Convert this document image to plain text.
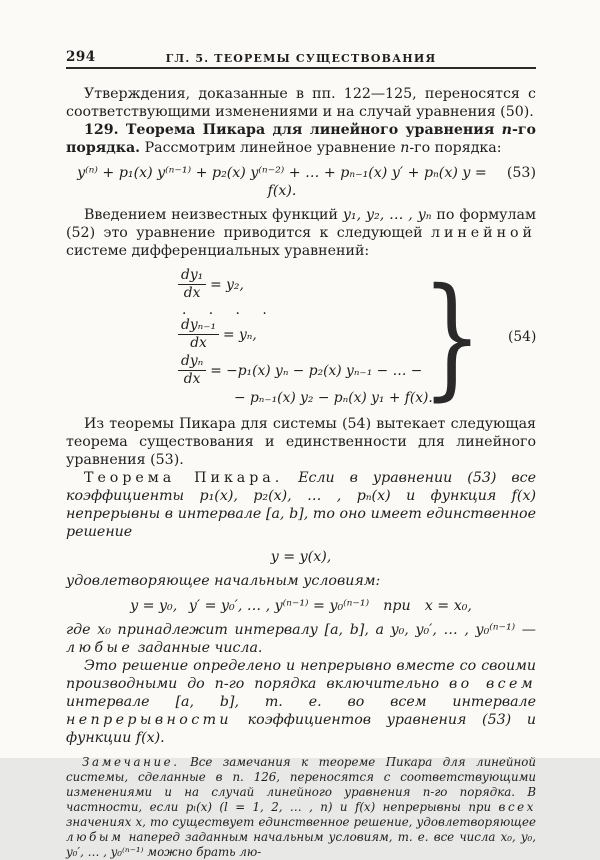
294	ГЛ. 5. ТЕОРЕМЫ СУЩЕСТВОВАНИЯ

Утверждения, доказанные в пп. 122—125, переносятся с соответствующими изменениями и на случай уравнения (50).

129. Теорема Пикара для линейного уравнения n-го порядка. Рассмотрим линейное уравнение n-го порядка:

y⁽ⁿ⁾ + p₁(x) y⁽ⁿ⁻¹⁾ + p₂(x) y⁽ⁿ⁻²⁾ + … + pₙ₋₁(x) y′ + pₙ(x) y = f(x).
(53)

Введением неизвестных функций y₁, y₂, … , yₙ по формулам (52) это уравнение приводится к следующей линейной системе дифференциальных уравнений:

$\frac{\text{dy₁}}{dx} = y_2$,
. . . .
$\frac{\text{dyₙ₋₁}}{dx} = y_n$,
$\frac{\text{dyₙ}}{dx} = -p_1(x) y_n - p_2(x) y_{n-1}$ − … −
− pₙ₋₁(x) y₂ − pₙ(x) y₁ + f(x).
} (54)

Из теоремы Пикара для системы (54) вытекает следующая теорема существования и единственности для линейного уравнения (53).

Теорема Пикара. Если в уравнении (53) все коэффициенты p₁(x), p₂(x), … , pₙ(x) и функция f(x) непрерывны в интервале [a, b], то оно имеет единственное решение

y = y(x),

удовлетворяющее начальным условиям:

y = y₀,  y′ = y₀′, … , y⁽ⁿ⁻¹⁾ = y₀⁽ⁿ⁻¹⁾ при x = x₀,

где x₀ принадлежит интервалу [a, b], а y₀, y₀′, … , y₀⁽ⁿ⁻¹⁾ — любые заданные числа.

Это решение определено и непрерывно вместе со своими производными до n-го порядка включительно во всем интервале [a, b], т. е. во всем интервале непрерывности коэффициентов уравнения (53) и функции f(x).

Замечание. Все замечания к теореме Пикара для линейной системы, сделанные в п. 126, переносятся с соответствующими изменениями и на случай линейного уравнения n-го порядка. В частности, если pₗ(x) (l = 1, 2, … , n) и f(x) непрерывны при всех значениях x, то существует единственное решение, удовлетворяющее любым наперед заданным начальным условиям, т. е. все числа x₀, y₀, y₀′, … , y₀⁽ⁿ⁻¹⁾ можно брать лю-
